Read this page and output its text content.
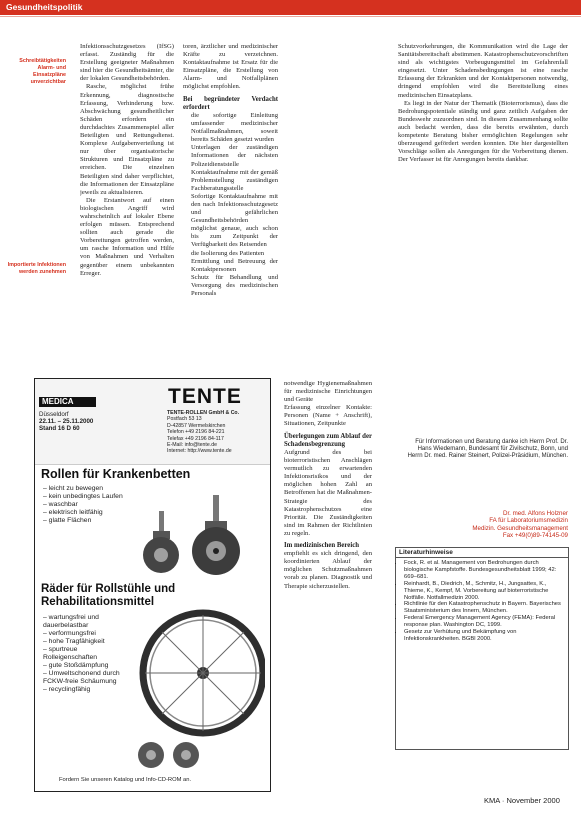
Gesundheitspolitik
Schreibtätigkeiten Alarm- und Einsatzpläne unverzichtbar
Importierte Infektionen werden zunehmen

Infektionsschutzgesetzes (IfSG) erfasst. Zuständig für die Erstellung geeigneter Maßnahmen sind hier die Gesundheitsämter, die der lokalen Gesundheitsbehörden.

Rasche, möglichst frühe Erkennung, diagnostische Erfassung, Verhinderung bzw. Abschwächung gesundheitlicher Schäden erfordern ein durchdachtes Zusammenspiel aller Beteiligten und Rettungsdienst. Komplexe Aufgabenverteilung ist nur über organisatorische Strukturen und Einsatzpläne zu erreichen. Die einzelnen Beteiligten sind daher verpflichtet, die Informationen der Einsatzpläne jeweils zu aktualisieren.

Die Erstantwort auf einen biologischen Angriff wird wahrscheinlich auf lokaler Ebene erfolgen müssen. Entsprechend sollten auch gerade die Vorbereitungen getroffen werden, um rasche Information und Hilfe von Maßnahmen und Verhalten gegenüber einem unbekannten Erreger.

toren, ärztlicher und medizinischer Kräfte zu verzeichnen. Kontaktaufnahme ist Ersatz für die Einsatzpläne, die Erstellung von Alarm- und Notfallplänen möglichst empfohlen.

Bei begründeter Verdacht erfordert
• die sofortige Einleitung umfassender medizinischer Notfallmaßnahmen, soweit bereits Schäden gesetzt wurden
• Unterlagen der zuständigen Informationen der nächsten Polizeidienststelle
• Kontaktaufnahme mit der gemäß Problemstellung zuständigen Fachberatungsstelle
• Sofortige Kontaktaufnahme mit den nach Infektionsschutzgesetz und gefährlichen Gesundheitsbehörden
• möglichst genaue, auch schon bis zum Zeitpunkt der Verfügbarkeit des Reisenden
• die Isolierung des Patienten
• Ermittlung und Betreuung der Kontaktpersonen
• Schutz für Behandlung und Versorgung des medizinischen Personals
notwendige Hygienemaßnahmen für medizinische Einrichtungen und Geräte
Erfassung einzelner Kontakte: Personen (Name + Anschrift), Situationen, Zeitpunkte
Überlegungen zum Ablauf der Schadensbegrenzung

Aufgrund des bei bioterroristischen Anschlägen vermutlich zu erwartenden Infektionsrisikos und der möglichen hohen Zahl an Betroffenen hat die Maßnahmen-Strategie des Katastrophenschutzes eine Priorität. Die Zuständigkeiten sind im Rahmen der Richtlinien zu regeln.

Im medizinischen Bereich

empfiehlt es sich dringend, den koordinierten Ablauf der möglichen Schutzmaßnahmen vorab zu planen. Diagnostik und Therapie sicherzustellen.

Schutzvorkehrungen, die Kommunikation wird die Lage der Sanitätsbereitschaft abstimmen. Katastrophenschutzvorschriften sind als wichtigstes Vorbeugungsmittel im Gefahrenfall eingesetzt. Unter Schadensbedingungen ist eine rasche Erfassung der Erkrankten und der Kontaktpersonen notwendig, dringend empfohlen wird die Bereitstellung eines medizinischen Einsatzplans.

Es liegt in der Natur der Thematik (Bioterrorismus), dass die Bedrohungspotentiale ständig und ganz zeitlich Aufgaben der Bundeswehr zuzuordnen sind. In diesem Zusammenhang sollte auch bedacht werden, dass die bereits erwähnten, durch kompetente Beratung bisher ermöglichten Regelungen sehr überzeugend gefördert werden konnten. Die hier dargestellten Vorschläge sollen als Anregungen für die Vorbereitung dienen. Der Verfasser ist für Anregungen bereits dankbar.

Für Informationen und Beratung danke ich Herrn Prof. Dr. Hans Wiedemann, Bundesamt für Zivilschutz, Bonn, und Herrn Dr. med. Rainer Steinert, Polizei-Präsidium, München.
Dr. med. Alfons Holzner
FA für Laboratoriumsmedizin
Medizin. Gesundheitsmanagement
Fax +49(0)89-74145-09
MEDICA
Düsseldorf
22.11. – 25.11.2000
Stand 16 D 60
TENTE
TENTE-ROLLEN GmbH & Co.
Postfach 53 13
D-42857 Wermelskirchen
Telefon +49 2196 84-221
Telefax +49 2196 84-117
E-Mail: info@tente.de
Internet: http://www.tente.de
Rollen für Krankenbetten
– leicht zu bewegen
– kein unbedingtes Laufen
– waschbar
– elektrisch leitfähig
– glatte Flächen
Räder für Rollstühle und Rehabilitationsmittel
– wartungsfrei und dauerbelastbar
– verformungsfrei
– hohe Tragfähigkeit
– spurtreue Rolleigenschaften
– gute Stoßdämpfung
– Umweltschonend durch FCKW-freie Schäumung
– recyclingfähig
Fordern Sie unseren Katalog und Info-CD-ROM an.
Literaturhinweise
• Fock, R. et al. Management von Bedrohungen durch biologische Kampfstoffe. Bundesgesundheitsblatt 1999; 42: 669–681.
• Reinhardt, B., Diedrich, M., Schmitz, H., Jungsattes, K., Thieme, K., Kempf, M. Vorbereitung auf bioterroristische Notfälle. Notfallmedizin 2000.
• Richtlinie für den Katastrophenschutz in Bayern. Bayerisches Staatsministerium des Innern, München.
• Federal Emergency Management Agency (FEMA): Federal response plan. Washington DC, 1999.
• Gesetz zur Verhütung und Bekämpfung von Infektionskrankheiten. BGBl 2000.
KMA · November 2000
